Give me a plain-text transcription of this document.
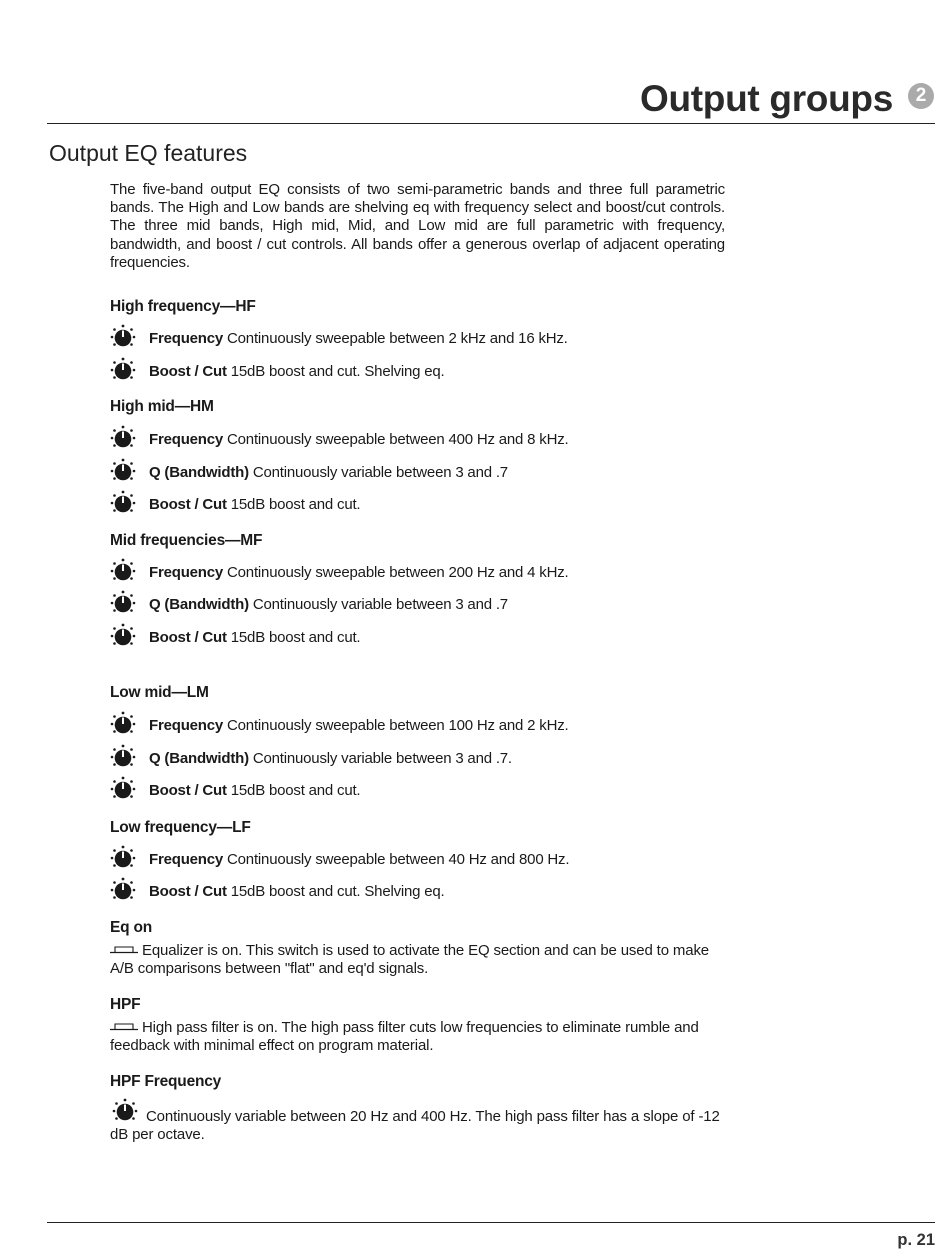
Output groups	2
Output EQ features

The five-band output EQ consists of two semi-parametric bands and three full parametric bands. The High and Low bands are shelving eq with frequency select and boost/cut controls. The three mid bands, High mid, Mid, and Low mid are full parametric with frequency, bandwidth, and boost / cut controls. All bands offer a generous overlap of adjacent operating frequencies.

High frequency—HF
Frequency Continuously sweepable between 2 kHz and 16 kHz.
Boost / Cut 15dB boost and cut. Shelving eq.
High mid—HM
Frequency Continuously sweepable between 400 Hz and 8 kHz.
Q (Bandwidth) Continuously variable between 3 and .7
Boost / Cut 15dB boost and cut.
Mid frequencies—MF
Frequency Continuously sweepable between 200 Hz and 4 kHz.
Q (Bandwidth) Continuously variable between 3 and .7
Boost / Cut 15dB boost and cut.
Low mid—LM
Frequency Continuously sweepable between 100 Hz and 2 kHz.
Q (Bandwidth) Continuously variable between 3 and .7.
Boost / Cut 15dB boost and cut.
Low frequency—LF
Frequency Continuously sweepable between 40 Hz and 800 Hz.
Boost / Cut 15dB boost and cut. Shelving eq.
Eq on

Equalizer is on. This switch is used to activate the EQ section and can be used to make A/B comparisons between "flat" and eq'd signals.

HPF

High pass filter is on. The high pass filter cuts low frequencies to eliminate rumble and feedback with minimal effect on program material.

HPF Frequency

Continuously variable between 20 Hz and 400 Hz. The high pass filter has a slope of -12 dB per octave.

p. 21
